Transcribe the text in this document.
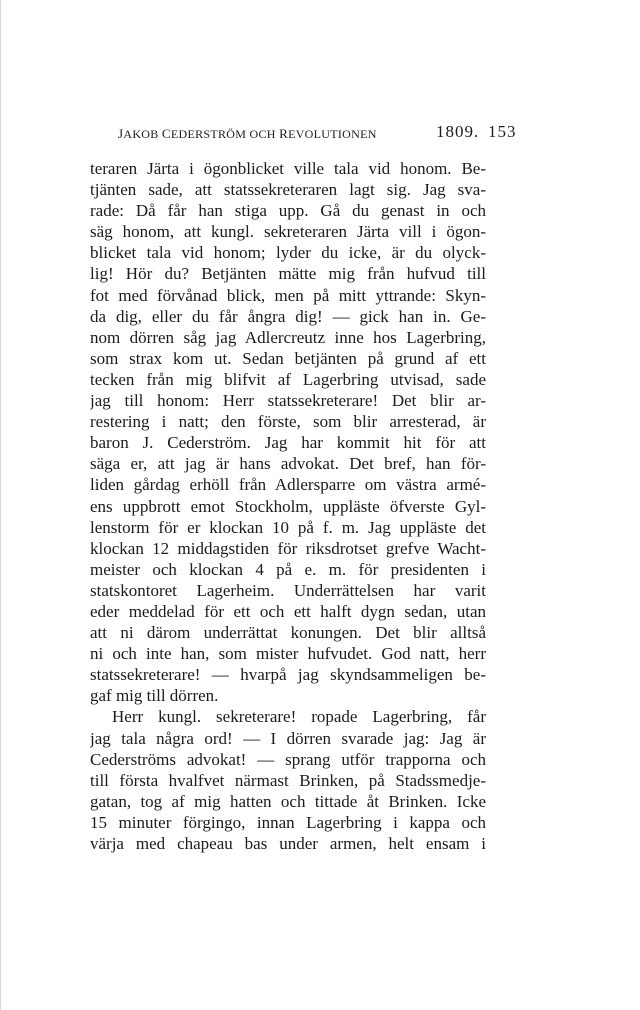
JAKOB CEDERSTRÖM OCH REVOLUTIONEN	1809. 153
teraren Järta i ögonblicket ville tala vid honom. Be-
tjänten sade, att statssekreteraren lagt sig. Jag sva-
rade: Då får han stiga upp. Gå du genast in och
säg honom, att kungl. sekreteraren Järta vill i ögon-
blicket tala vid honom; lyder du icke, är du olyck-
lig! Hör du? Betjänten mätte mig från hufvud till
fot med förvånad blick, men på mitt yttrande: Skyn-
da dig, eller du får ångra dig! — gick han in. Ge-
nom dörren såg jag Adlercreutz inne hos Lagerbring,
som strax kom ut. Sedan betjänten på grund af ett
tecken från mig blifvit af Lagerbring utvisad, sade
jag till honom: Herr statssekreterare! Det blir ar-
restering i natt; den förste, som blir arresterad, är
baron J. Cederström. Jag har kommit hit för att
säga er, att jag är hans advokat. Det bref, han för-
liden gårdag erhöll från Adlersparre om västra armé-
ens uppbrott emot Stockholm, uppläste öfverste Gyl-
lenstorm för er klockan 10 på f. m. Jag uppläste det
klockan 12 middagstiden för riksdrotset grefve Wacht-
meister och klockan 4 på e. m. för presidenten i
statskontoret Lagerheim. Underrättelsen har varit
eder meddelad för ett och ett halft dygn sedan, utan
att ni därom underrättat konungen. Det blir alltså
ni och inte han, som mister hufvudet. God natt, herr
statssekreterare! — hvarpå jag skyndsammeligen be-
gaf mig till dörren.
Herr kungl. sekreterare! ropade Lagerbring, får
jag tala några ord! — I dörren svarade jag: Jag är
Cederströms advokat! — sprang utför trapporna och
till första hvalfvet närmast Brinken, på Stadssmedje-
gatan, tog af mig hatten och tittade åt Brinken. Icke
15 minuter förgingo, innan Lagerbring i kappa och
värja med chapeau bas under armen, helt ensam i
